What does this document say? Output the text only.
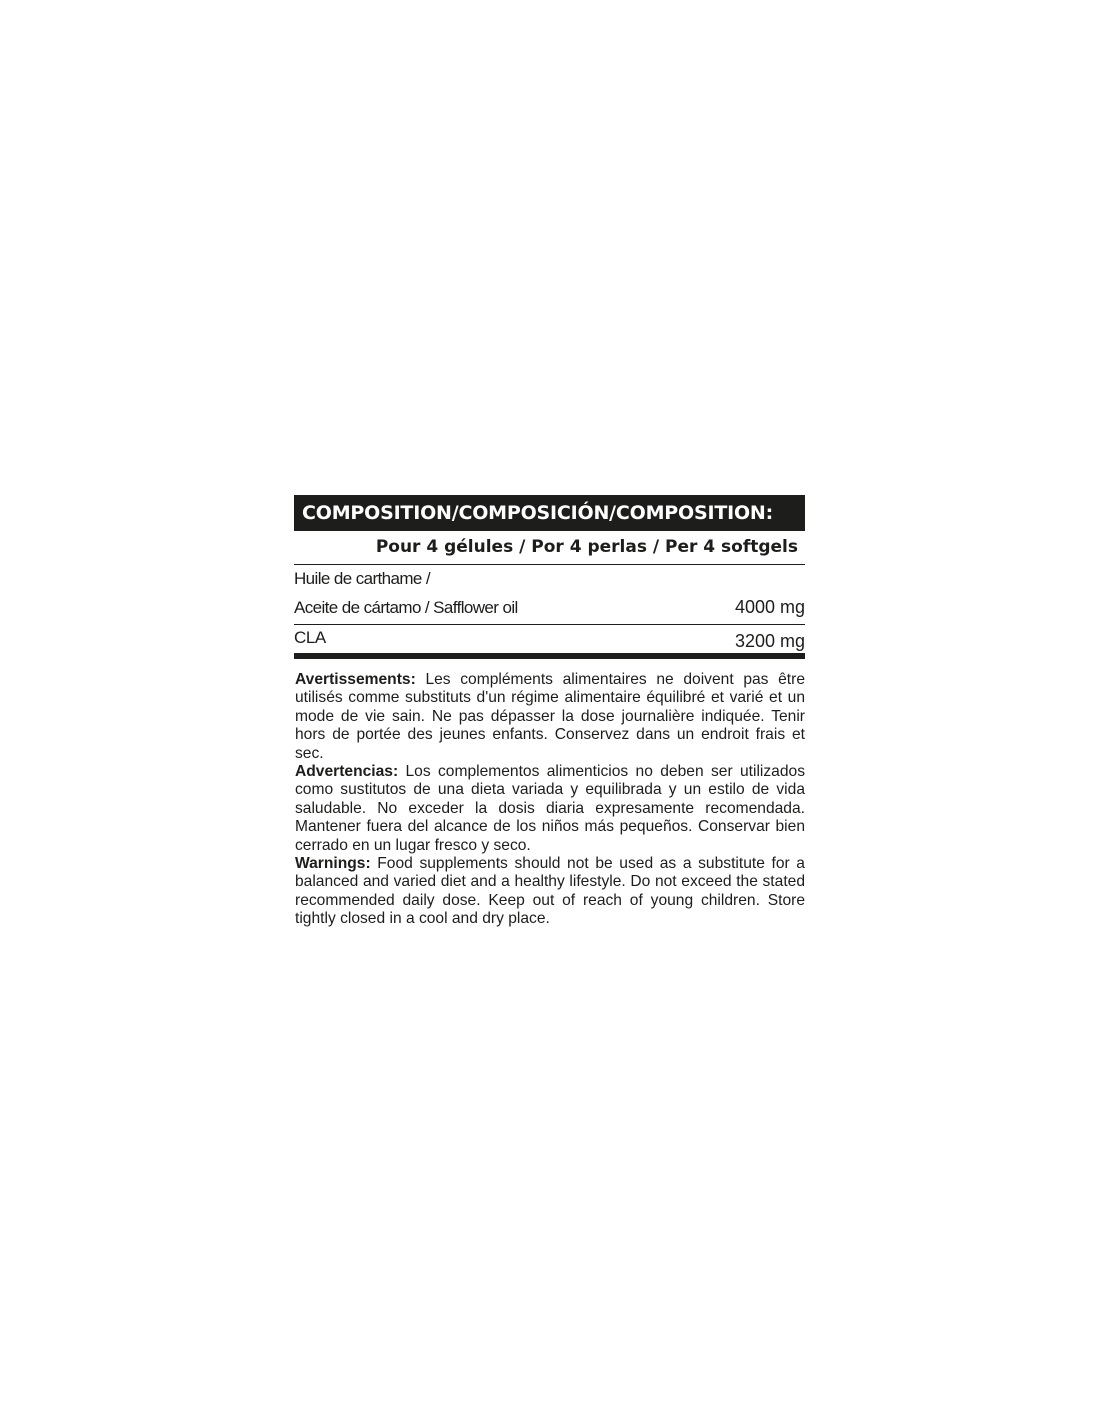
COMPOSITION/COMPOSICIÓN/COMPOSITION:
Pour 4 gélules / Por 4 perlas / Per 4 softgels
Huile de carthame /
Aceite de cártamo / Safflower oil	4000 mg
CLA	3200 mg

Avertissements: Les compléments alimentaires ne doivent pas être utilisés comme substituts d'un régime alimentaire équilibré et varié et un mode de vie sain. Ne pas dépasser la dose journalière indiquée. Tenir hors de portée des jeunes enfants. Conservez dans un endroit frais et sec.

Advertencias: Los complementos alimenticios no deben ser utilizados como sustitutos de una dieta variada y equilibrada y un estilo de vida saludable. No exceder la dosis diaria expresamente recomendada. Mantener fuera del alcance de los niños más pequeños. Conservar bien cerrado en un lugar fresco y seco.

Warnings: Food supplements should not be used as a substitute for a balanced and varied diet and a healthy lifestyle. Do not exceed the stated recommended daily dose. Keep out of reach of young children. Store tightly closed in a cool and dry place.
